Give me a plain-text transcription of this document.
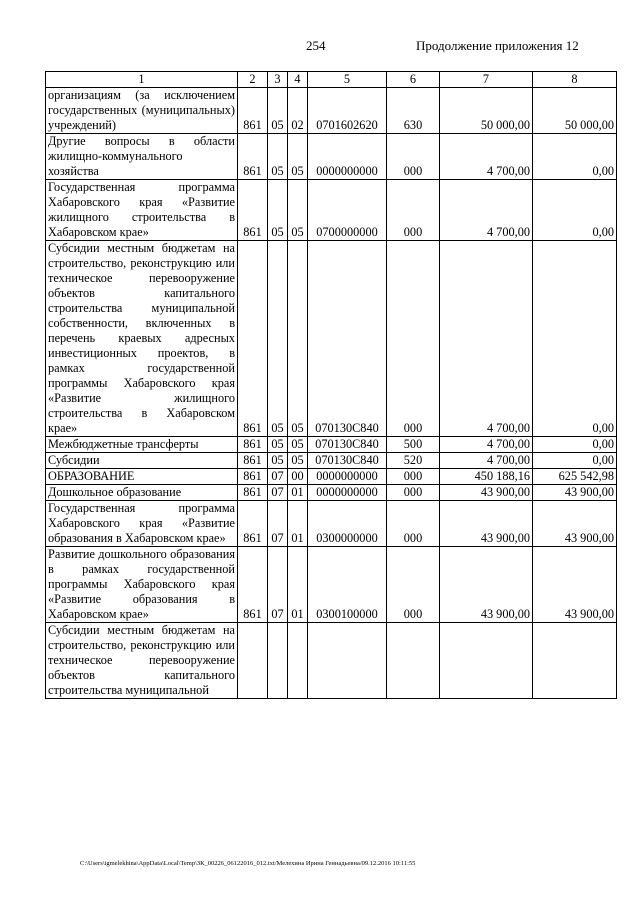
254	Продолжение приложения 12
1	2	3	4	5	6	7	8
организациям (за исключением государственных (муниципальных) учреждений)	861	05	02	0701602620	630	50 000,00	50 000,00
Другие вопросы в области жилищно-коммунального хозяйства	861	05	05	0000000000	000	4 700,00	0,00
Государственная программа Хабаровского края «Развитие жилищного строительства в Хабаровском крае»	861	05	05	0700000000	000	4 700,00	0,00
Субсидии местным бюджетам на строительство, реконструкцию или техническое перевооружение объектов капитального строительства муниципальной собственности, включенных в перечень краевых адресных инвестиционных проектов, в рамках государственной программы Хабаровского края «Развитие жилищного строительства в Хабаровском крае»	861	05	05	070130С840	000	4 700,00	0,00
Межбюджетные трансферты	861	05	05	070130С840	500	4 700,00	0,00
Субсидии	861	05	05	070130С840	520	4 700,00	0,00
ОБРАЗОВАНИЕ	861	07	00	0000000000	000	450 188,16	625 542,98
Дошкольное образование	861	07	01	0000000000	000	43 900,00	43 900,00
Государственная программа Хабаровского края «Развитие образования в Хабаровском крае»	861	07	01	0300000000	000	43 900,00	43 900,00
Развитие дошкольного образования в рамках государственной программы Хабаровского края «Развитие образования в Хабаровском крае»	861	07	01	0300100000	000	43 900,00	43 900,00
Субсидии местным бюджетам на строительство, реконструкцию или техническое перевооружение объектов капитального строительства муниципальной							
C:\Users\igmelekhina\AppData\Local\Temp\ЗК_00226_06122016_012.txt/Мелехина Ирина Геннадьевна/09.12.2016 10:11:55
